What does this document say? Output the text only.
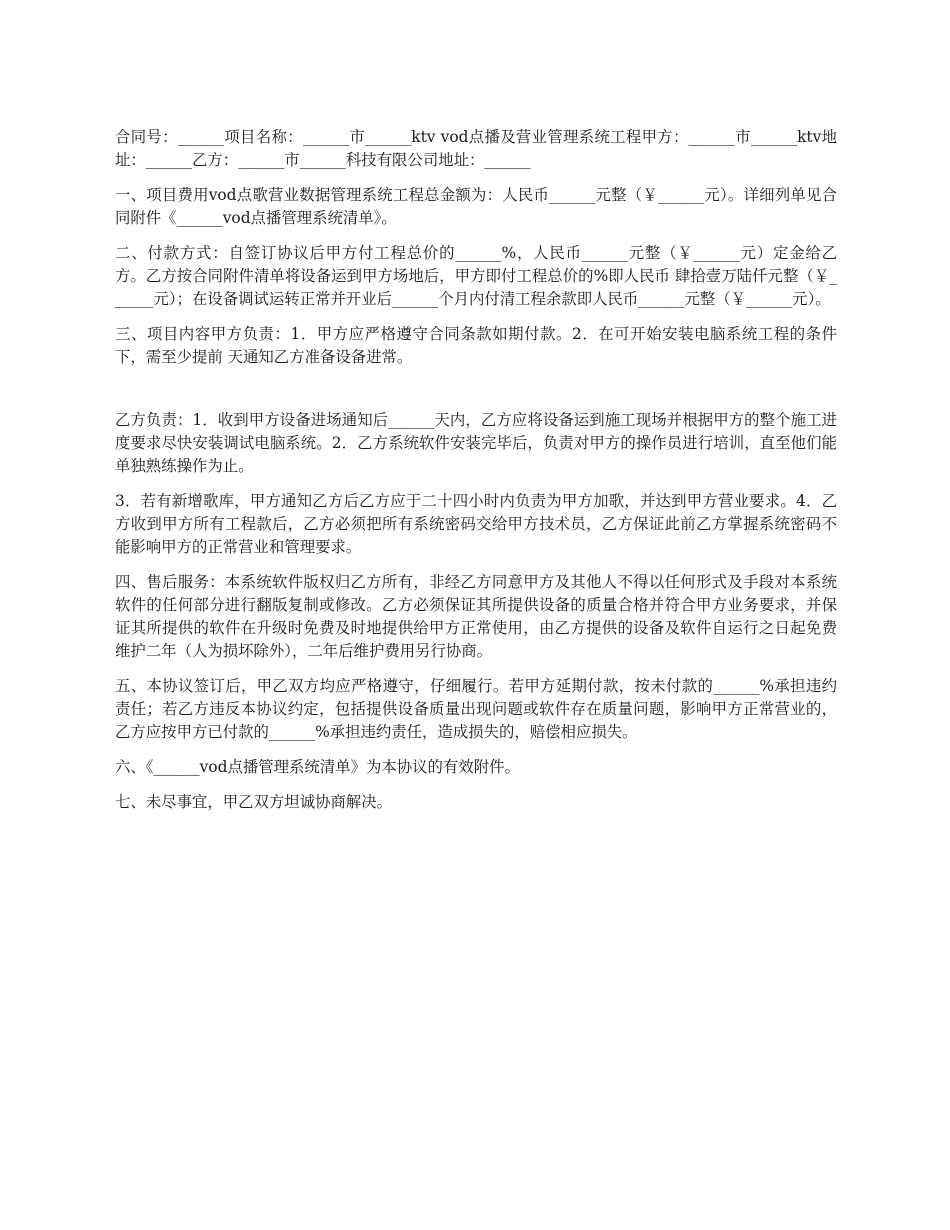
合同号：______项目名称：______市______ktv vod点播及营业管理系统工程甲方：______市______ktv地址：______乙方：______市______科技有限公司地址：______

一、项目费用vod点歌营业数据管理系统工程总金额为：人民币______元整（￥______元）。详细列单见合同附件《______vod点播管理系统清单》。

二、付款方式：自签订协议后甲方付工程总价的______%，人民币______元整（￥______元）定金给乙方。乙方按合同附件清单将设备运到甲方场地后，甲方即付工程总价的%即人民币 肆拾壹万陆仟元整（￥______元）；在设备调试运转正常并开业后______个月内付清工程余款即人民币______元整（￥______元）。

三、项目内容甲方负责：1．甲方应严格遵守合同条款如期付款。2．在可开始安装电脑系统工程的条件下，需至少提前 天通知乙方准备设备进常。

乙方负责：1．收到甲方设备进场通知后______天内，乙方应将设备运到施工现场并根据甲方的整个施工进度要求尽快安装调试电脑系统。2．乙方系统软件安装完毕后，负责对甲方的操作员进行培训，直至他们能单独熟练操作为止。

3．若有新增歌库，甲方通知乙方后乙方应于二十四小时内负责为甲方加歌，并达到甲方营业要求。4．乙方收到甲方所有工程款后，乙方必须把所有系统密码交给甲方技术员，乙方保证此前乙方掌握系统密码不能影响甲方的正常营业和管理要求。

四、售后服务：本系统软件版权归乙方所有，非经乙方同意甲方及其他人不得以任何形式及手段对本系统软件的任何部分进行翻版复制或修改。乙方必须保证其所提供设备的质量合格并符合甲方业务要求，并保证其所提供的软件在升级时免费及时地提供给甲方正常使用，由乙方提供的设备及软件自运行之日起免费维护二年（人为损坏除外），二年后维护费用另行协商。

五、本协议签订后，甲乙双方均应严格遵守，仔细履行。若甲方延期付款，按未付款的______%承担违约责任；若乙方违反本协议约定，包括提供设备质量出现问题或软件存在质量问题，影响甲方正常营业的，乙方应按甲方已付款的______%承担违约责任，造成损失的，赔偿相应损失。

六、《______vod点播管理系统清单》为本协议的有效附件。

七、未尽事宜，甲乙双方坦诚协商解决。
